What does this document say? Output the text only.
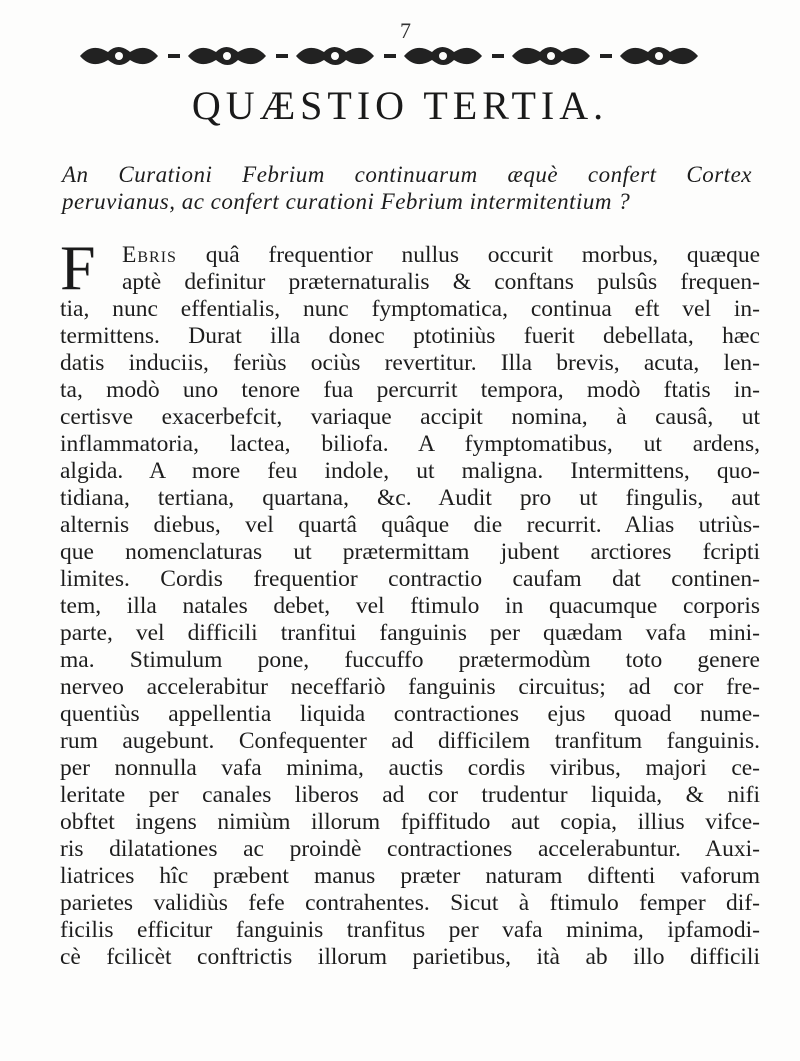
7
QUÆSTIO TERTIA.

An Curationi Febrium continuarum æquè confert Cortex
peruvianus, ac confert curationi Febrium intermitentium ?

F	Ebris quâ frequentior nullus occurit morbus, quæque
aptè definitur præternaturalis & conftans pulsûs frequen-
tia, nunc effentialis, nunc fymptomatica, continua eft vel in-
termittens. Durat illa donec ptotiniùs fuerit debellata, hæc
datis induciis, feriùs ociùs revertitur. Illa brevis, acuta, len-
ta, modò uno tenore fua percurrit tempora, modò ftatis in-
certisve exacerbefcit, variaque accipit nomina, à causâ, ut
inflammatoria, lactea, biliofa. A fymptomatibus, ut ardens,
algida. A more feu indole, ut maligna. Intermittens, quo-
tidiana, tertiana, quartana, &c. Audit pro ut fingulis, aut
alternis diebus, vel quartâ quâque die recurrit. Alias utriùs-
que nomenclaturas ut prætermittam jubent arctiores fcripti
limites. Cordis frequentior contractio caufam dat continen-
tem, illa natales debet, vel ftimulo in quacumque corporis
parte, vel difficili tranfitui fanguinis per quædam vafa mini-
ma. Stimulum pone, fuccuffo prætermodùm toto genere
nerveo accelerabitur neceffariò fanguinis circuitus; ad cor fre-
quentiùs appellentia liquida contractiones ejus quoad nume-
rum augebunt. Confequenter ad difficilem tranfitum fanguinis.
per nonnulla vafa minima, auctis cordis viribus, majori ce-
leritate per canales liberos ad cor trudentur liquida, & nifi
obftet ingens nimiùm illorum fpiffitudo aut copia, illius vifce-
ris dilatationes ac proindè contractiones accelerabuntur. Auxi-
liatrices hîc præbent manus præter naturam diftenti vaforum
parietes validiùs fefe contrahentes. Sicut à ftimulo femper dif-
ficilis efficitur fanguinis tranfitus per vafa minima, ipfamodi-
cè fcilicèt conftrictis illorum parietibus, ità ab illo difficili
